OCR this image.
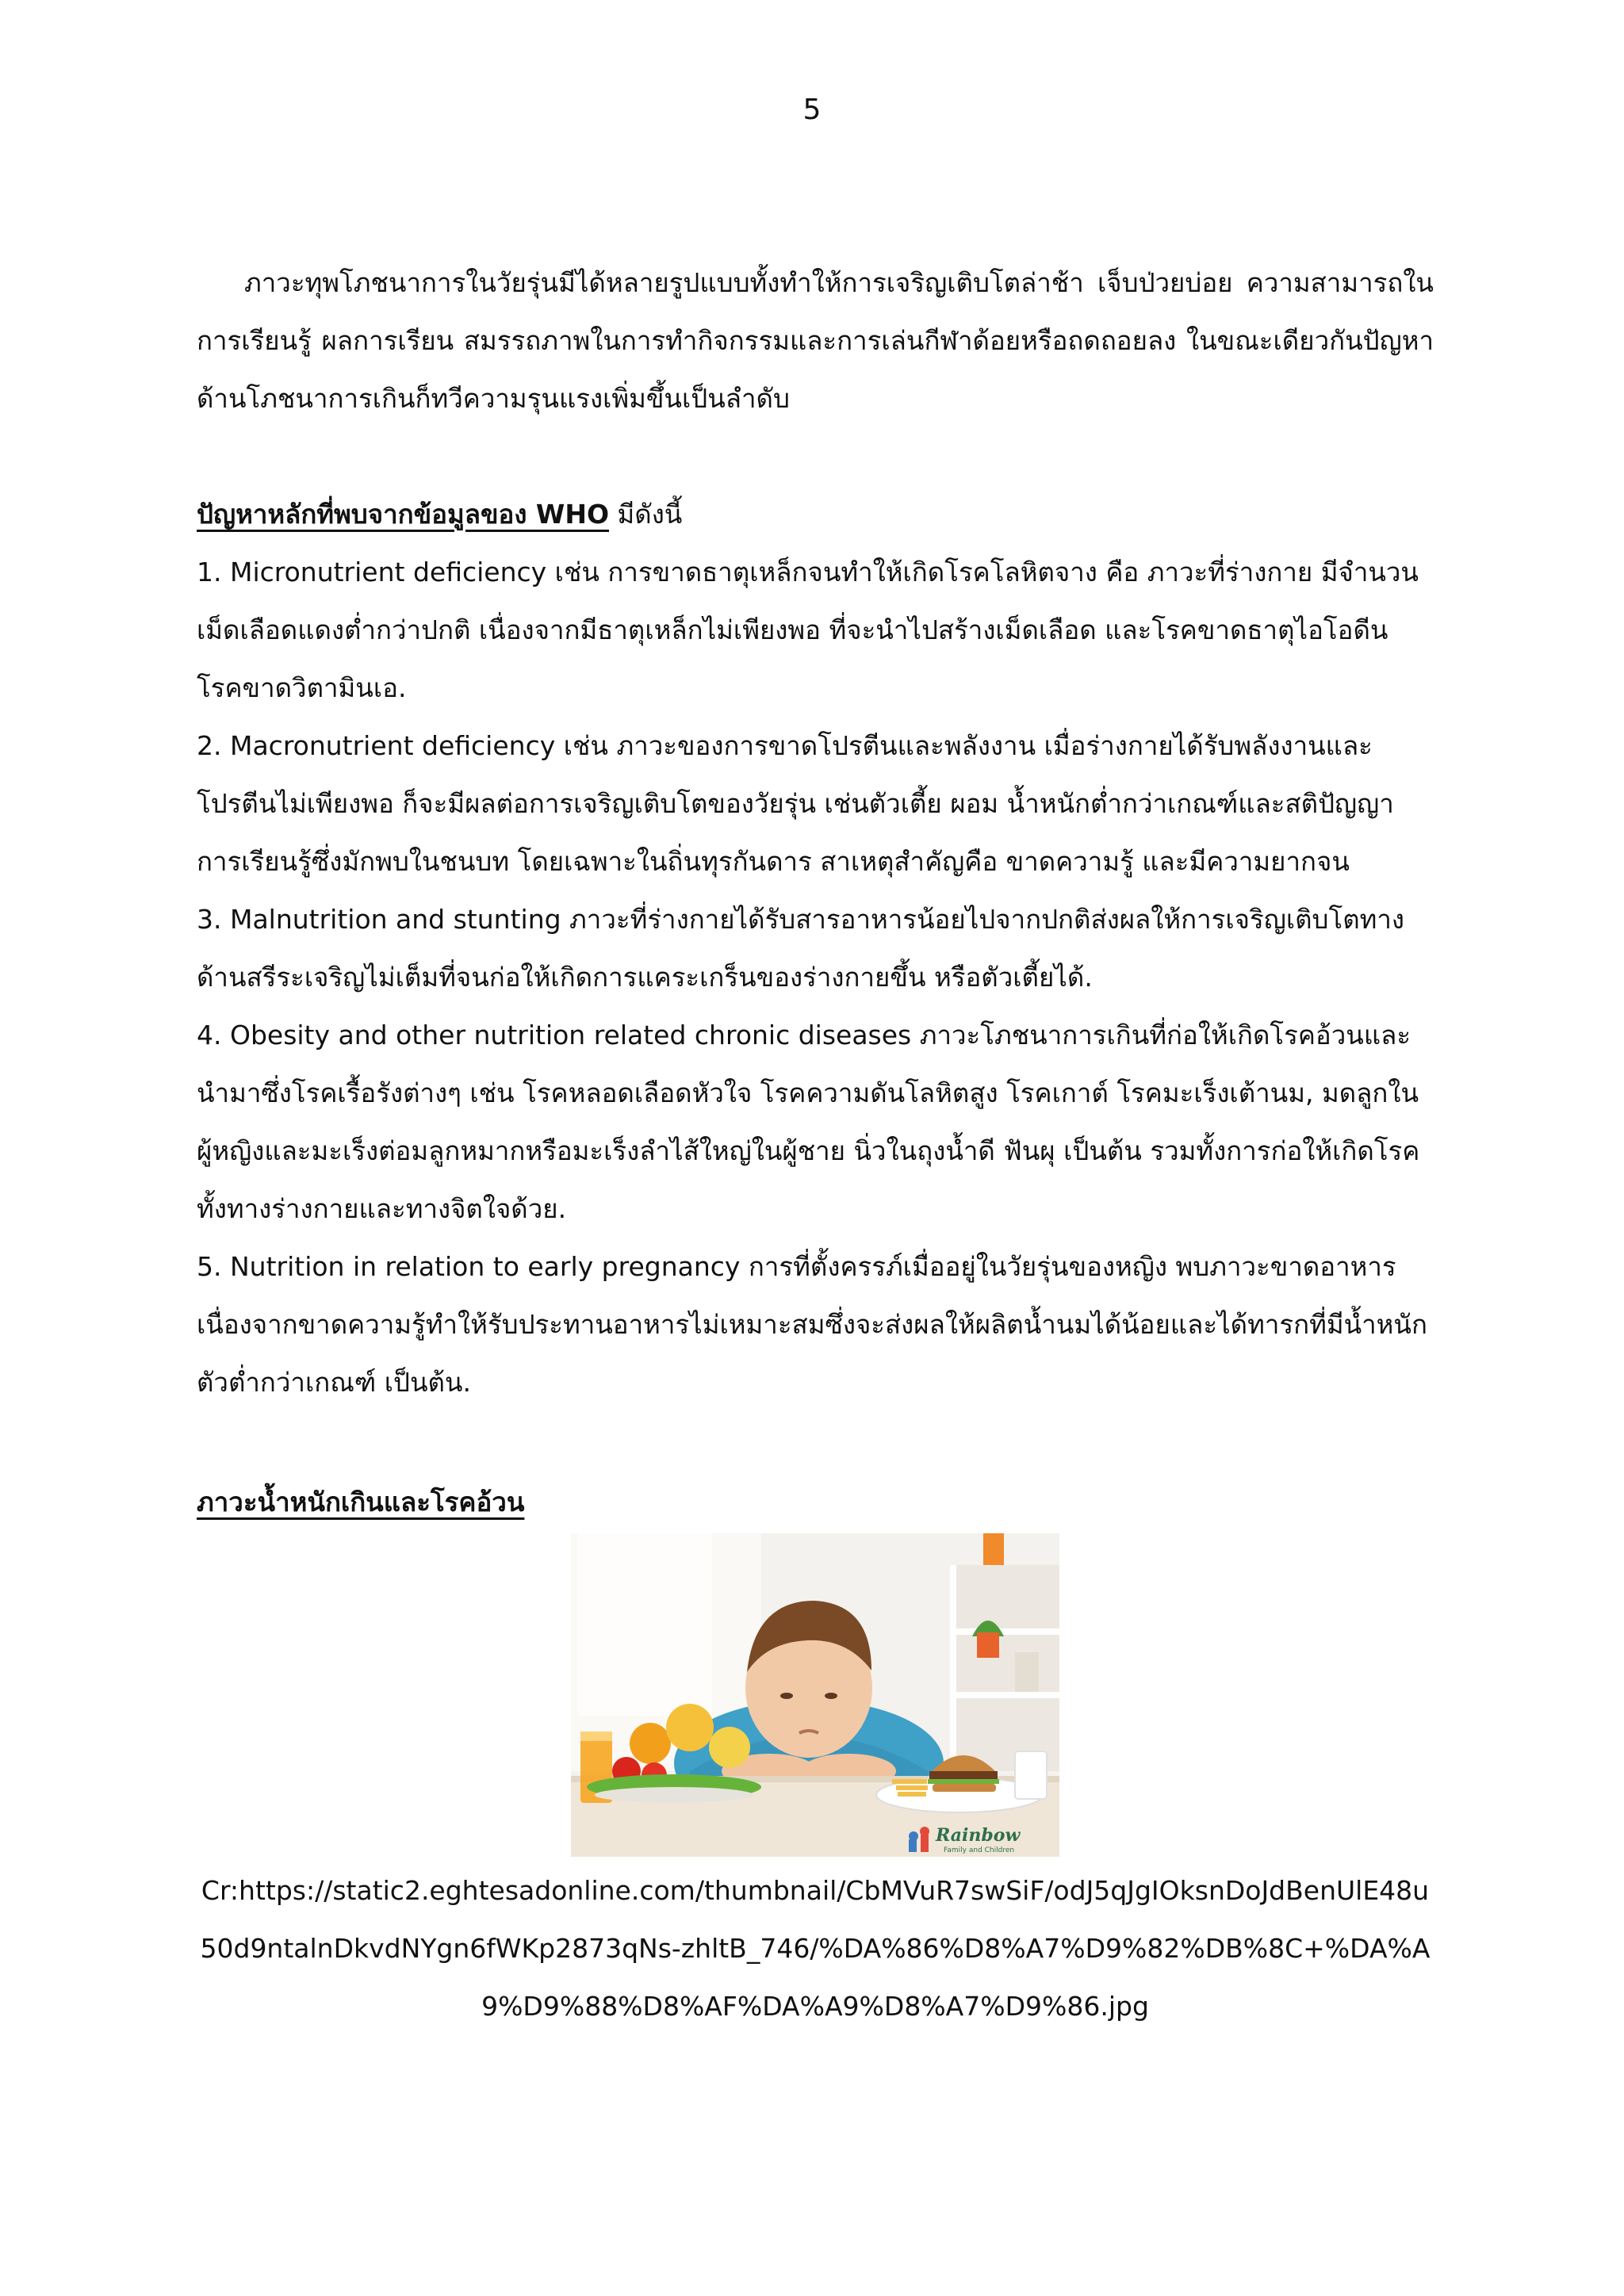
5

ภาวะทุพโภชนาการในวัยรุ่นมีได้หลายรูปแบบทั้งทำให้การเจริญเติบโตล่าช้า เจ็บป่วยบ่อย ความสามารถในการเรียนรู้ ผลการเรียน สมรรถภาพในการทำกิจกรรมและการเล่นกีฬาด้อยหรือถดถอยลง ในขณะเดียวกันปัญหาด้านโภชนาการเกินก็ทวีความรุนแรงเพิ่มขึ้นเป็นลำดับ

ปัญหาหลักที่พบจากข้อมูลของ WHO มีดังนี้

1. Micronutrient deficiency เช่น การขาดธาตุเหล็กจนทำให้เกิดโรคโลหิตจาง คือ ภาวะที่ร่างกาย มีจำนวนเม็ดเลือดแดงต่ำกว่าปกติ เนื่องจากมีธาตุเหล็กไม่เพียงพอ ที่จะนำไปสร้างเม็ดเลือด และโรคขาดธาตุไอโอดีน โรคขาดวิตามินเอ.

2. Macronutrient deficiency เช่น ภาวะของการขาดโปรตีนและพลังงาน เมื่อร่างกายได้รับพลังงานและโปรตีนไม่เพียงพอ ก็จะมีผลต่อการเจริญเติบโตของวัยรุ่น เช่นตัวเตี้ย ผอม น้ำหนักต่ำกว่าเกณฑ์และสติปัญญาการเรียนรู้ซึ่งมักพบในชนบท โดยเฉพาะในถิ่นทุรกันดาร สาเหตุสำคัญคือ ขาดความรู้ และมีความยากจน

3. Malnutrition and stunting ภาวะที่ร่างกายได้รับสารอาหารน้อยไปจากปกติส่งผลให้การเจริญเติบโตทางด้านสรีระเจริญไม่เต็มที่จนก่อให้เกิดการแคระเกร็นของร่างกายขึ้น หรือตัวเตี้ยได้.

4. Obesity and other nutrition related chronic diseases ภาวะโภชนาการเกินที่ก่อให้เกิดโรคอ้วนและนำมาซึ่งโรคเรื้อรังต่างๆ เช่น โรคหลอดเลือดหัวใจ โรคความดันโลหิตสูง โรคเกาต์ โรคมะเร็งเต้านม, มดลูกในผู้หญิงและมะเร็งต่อมลูกหมากหรือมะเร็งลำไส้ใหญ่ในผู้ชาย นิ่วในถุงน้ำดี ฟันผุ เป็นต้น รวมทั้งการก่อให้เกิดโรคทั้งทางร่างกายและทางจิตใจด้วย.

5. Nutrition in relation to early pregnancy การที่ตั้งครรภ์เมื่ออยู่ในวัยรุ่นของหญิง พบภาวะขาดอาหาร เนื่องจากขาดความรู้ทำให้รับประทานอาหารไม่เหมาะสมซึ่งจะส่งผลให้ผลิตน้ำนมได้น้อยและได้ทารกที่มีน้ำหนักตัวต่ำกว่าเกณฑ์ เป็นต้น.

ภาวะน้ำหนักเกินและโรคอ้วน

Rainbow
Family and Children
Cr:https://static2.eghtesadonline.com/thumbnail/CbMVuR7swSiF/odJ5qJgIOksnDoJdBenUlE48u50d9ntalnDkvdNYgn6fWKp2873qNs-zhltB_746/%DA%86%D8%A7%D9%82%DB%8C+%DA%A9%D9%88%D8%AF%DA%A9%D8%A7%D9%86.jpg
